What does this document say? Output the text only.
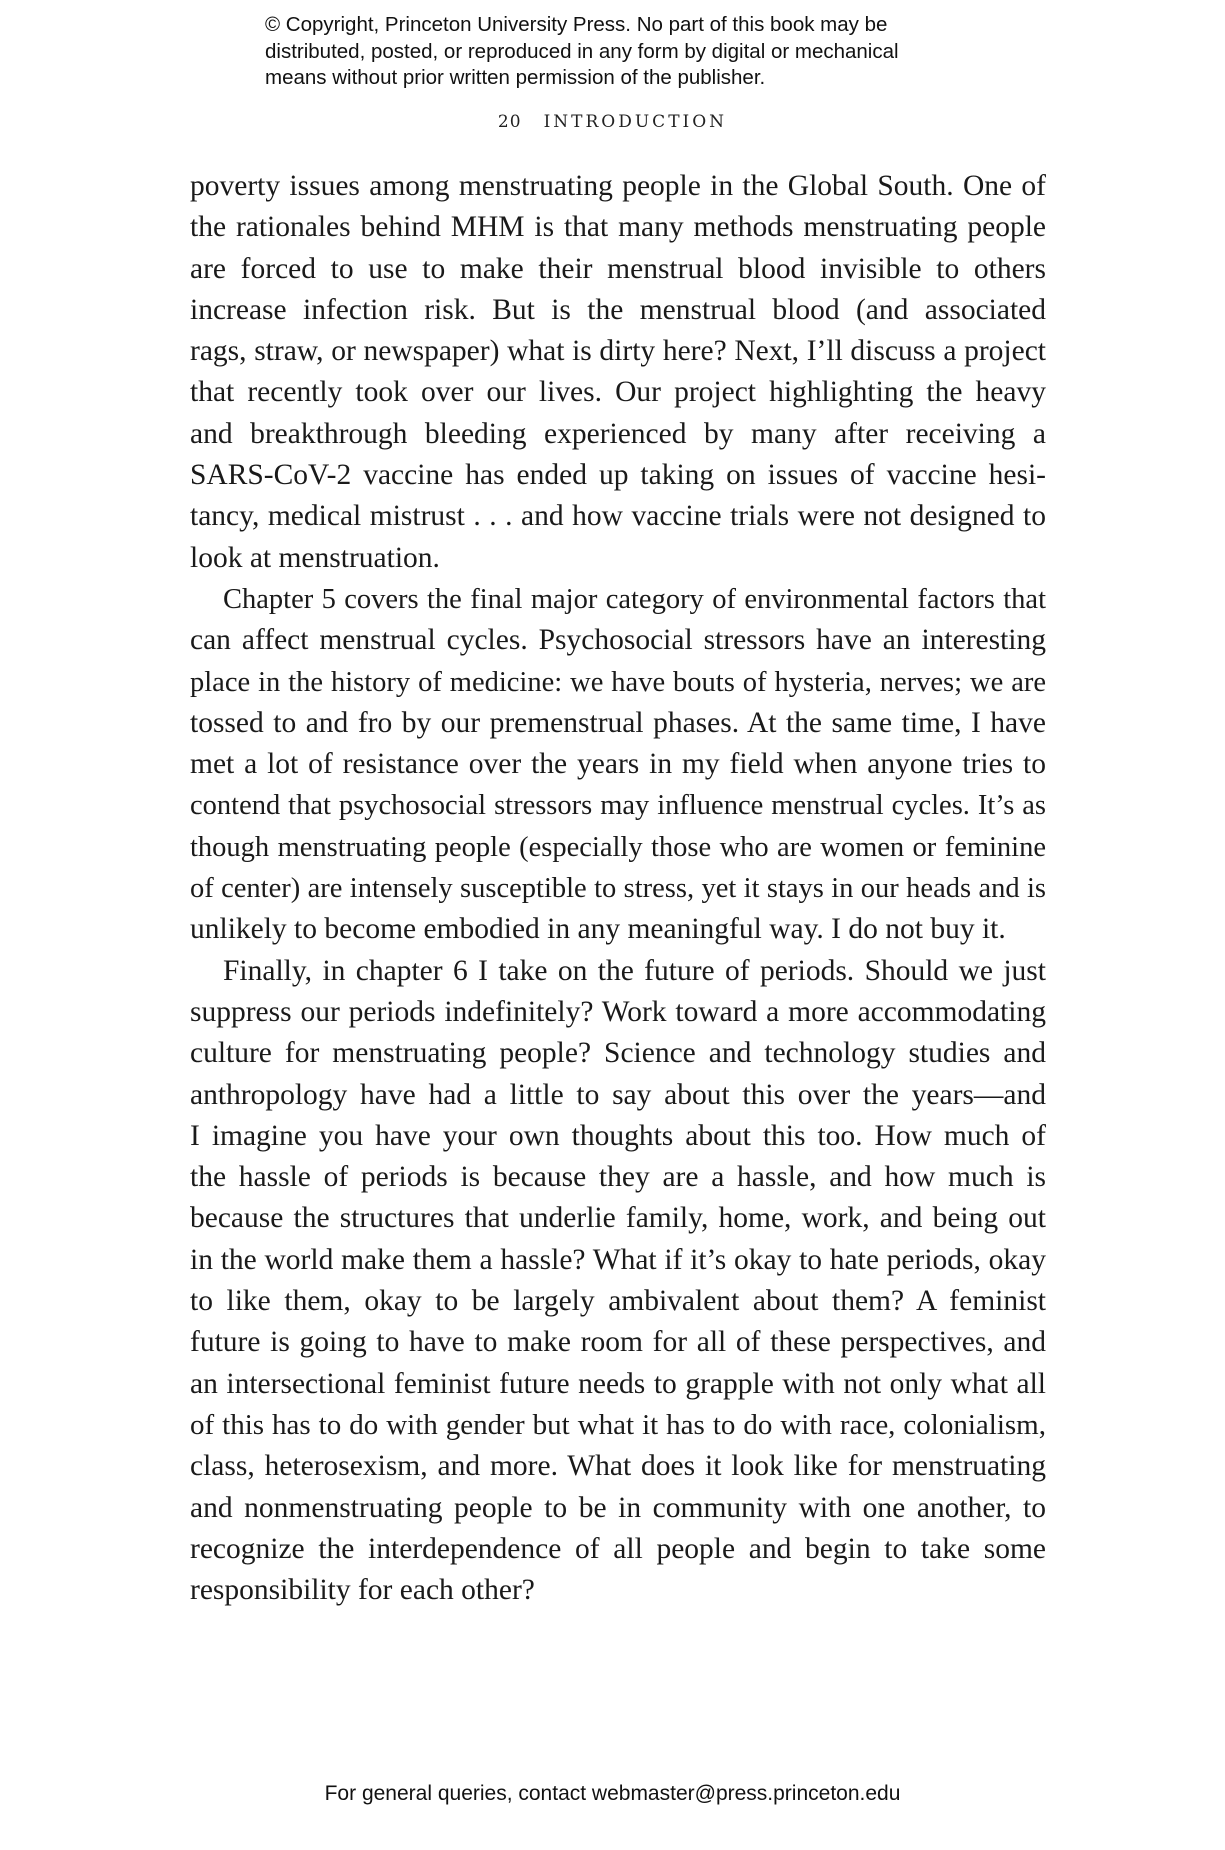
© Copyright, Princeton University Press. No part of this book may be
distributed, posted, or reproduced in any form by digital or mechanical
means without prior written permission of the publisher.
20 INTRODUCTION
poverty issues among menstruating people in the Global South. One of
the rationales behind MHM is that many methods menstruating people
are forced to use to make their menstrual blood invisible to others
increase infection risk. But is the menstrual blood (and associated
rags, straw, or newspaper) what is dirty here? Next, I’ll discuss a project
that recently took over our lives. Our project highlighting the heavy
and breakthrough bleeding experienced by many after receiving a
SARS-CoV-2 vaccine has ended up taking on issues of vaccine hesi-
tancy, medical mistrust . . . and how vaccine trials were not designed to
look at menstruation.
Chapter 5 covers the final major category of environmental factors that
can affect menstrual cycles. Psychosocial stressors have an interesting
place in the history of medicine: we have bouts of hysteria, nerves; we are
tossed to and fro by our premenstrual phases. At the same time, I have
met a lot of resistance over the years in my field when anyone tries to
contend that psychosocial stressors may influence menstrual cycles. It’s as
though menstruating people (especially those who are women or feminine
of center) are intensely susceptible to stress, yet it stays in our heads and is
unlikely to become embodied in any meaningful way. I do not buy it.
Finally, in chapter 6 I take on the future of periods. Should we just
suppress our periods indefinitely? Work toward a more accommodating
culture for menstruating people? Science and technology studies and
anthropology have had a little to say about this over the years—and
I imagine you have your own thoughts about this too. How much of
the hassle of periods is because they are a hassle, and how much is
because the structures that underlie family, home, work, and being out
in the world make them a hassle? What if it’s okay to hate periods, okay
to like them, okay to be largely ambivalent about them? A feminist
future is going to have to make room for all of these perspectives, and
an intersectional feminist future needs to grapple with not only what all
of this has to do with gender but what it has to do with race, colonialism,
class, heterosexism, and more. What does it look like for menstruating
and nonmenstruating people to be in community with one another, to
recognize the interdependence of all people and begin to take some
responsibility for each other?
For general queries, contact webmaster@press.princeton.edu
